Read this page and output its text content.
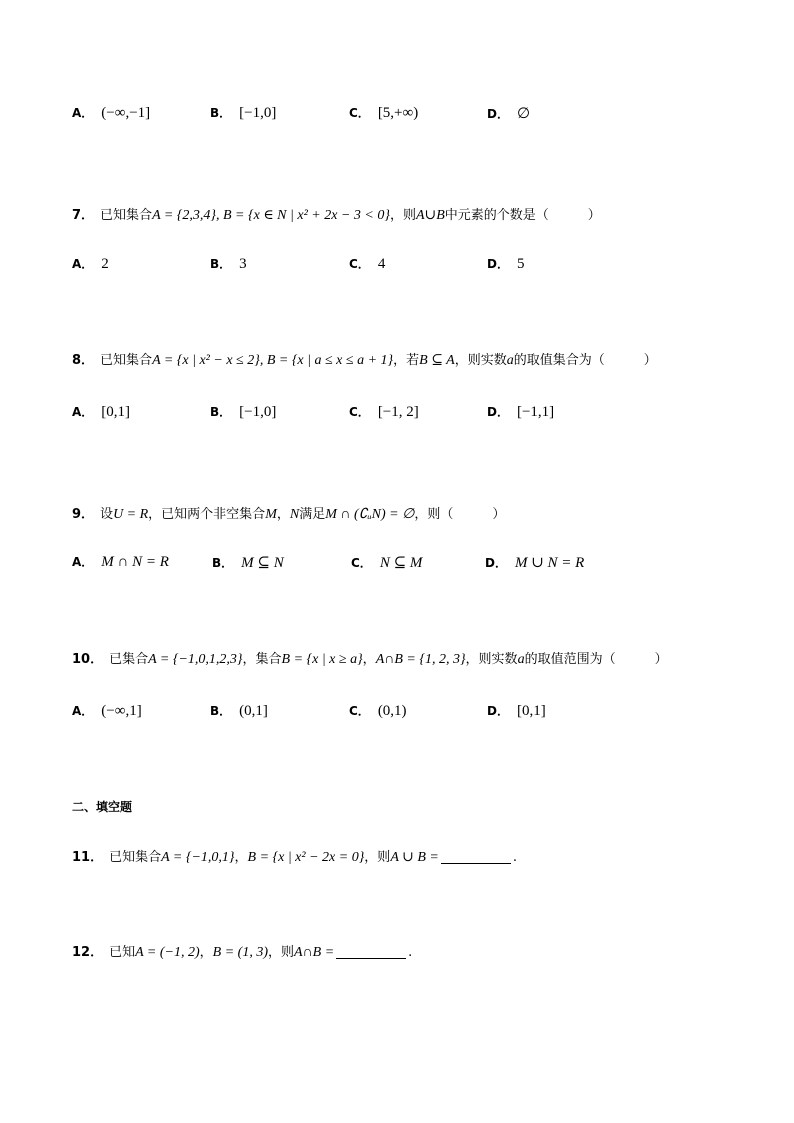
A． (−∞,−1]	B． [−1,0]	C． [5,+∞)	D． ∅
7． 已知集合A = {2,3,4}, B = {x ∈ N | x² + 2x − 3 < 0}，则A∪B中元素的个数是（　　　）
A． 2	B． 3	C． 4	D． 5
8． 已知集合A = {x | x² − x ≤ 2}, B = {x | a ≤ x ≤ a + 1}，若B ⊆ A，则实数a的取值集合为（　　　）
A． [0,1]	B． [−1,0]	C． [−1, 2]	D． [−1,1]
9． 设U = R，已知两个非空集合M，N满足M ∩ (∁ᵤN) = ∅，则（　　　）
A． M ∩ N = R	B． M ⊆ N	C． N ⊆ M	D． M ∪ N = R
10． 已集合A = {−1,0,1,2,3}，集合B = {x | x ≥ a}，A∩B = {1, 2, 3}，则实数a的取值范围为（　　　）
A． (−∞,1]	B． (0,1]	C． (0,1)	D． [0,1]
二、填空题
11． 已知集合A = {−1,0,1}，B = {x | x² − 2x = 0}，则A ∪ B =	.
12． 已知A = (−1, 2)，B = (1, 3)，则A∩B =	.
